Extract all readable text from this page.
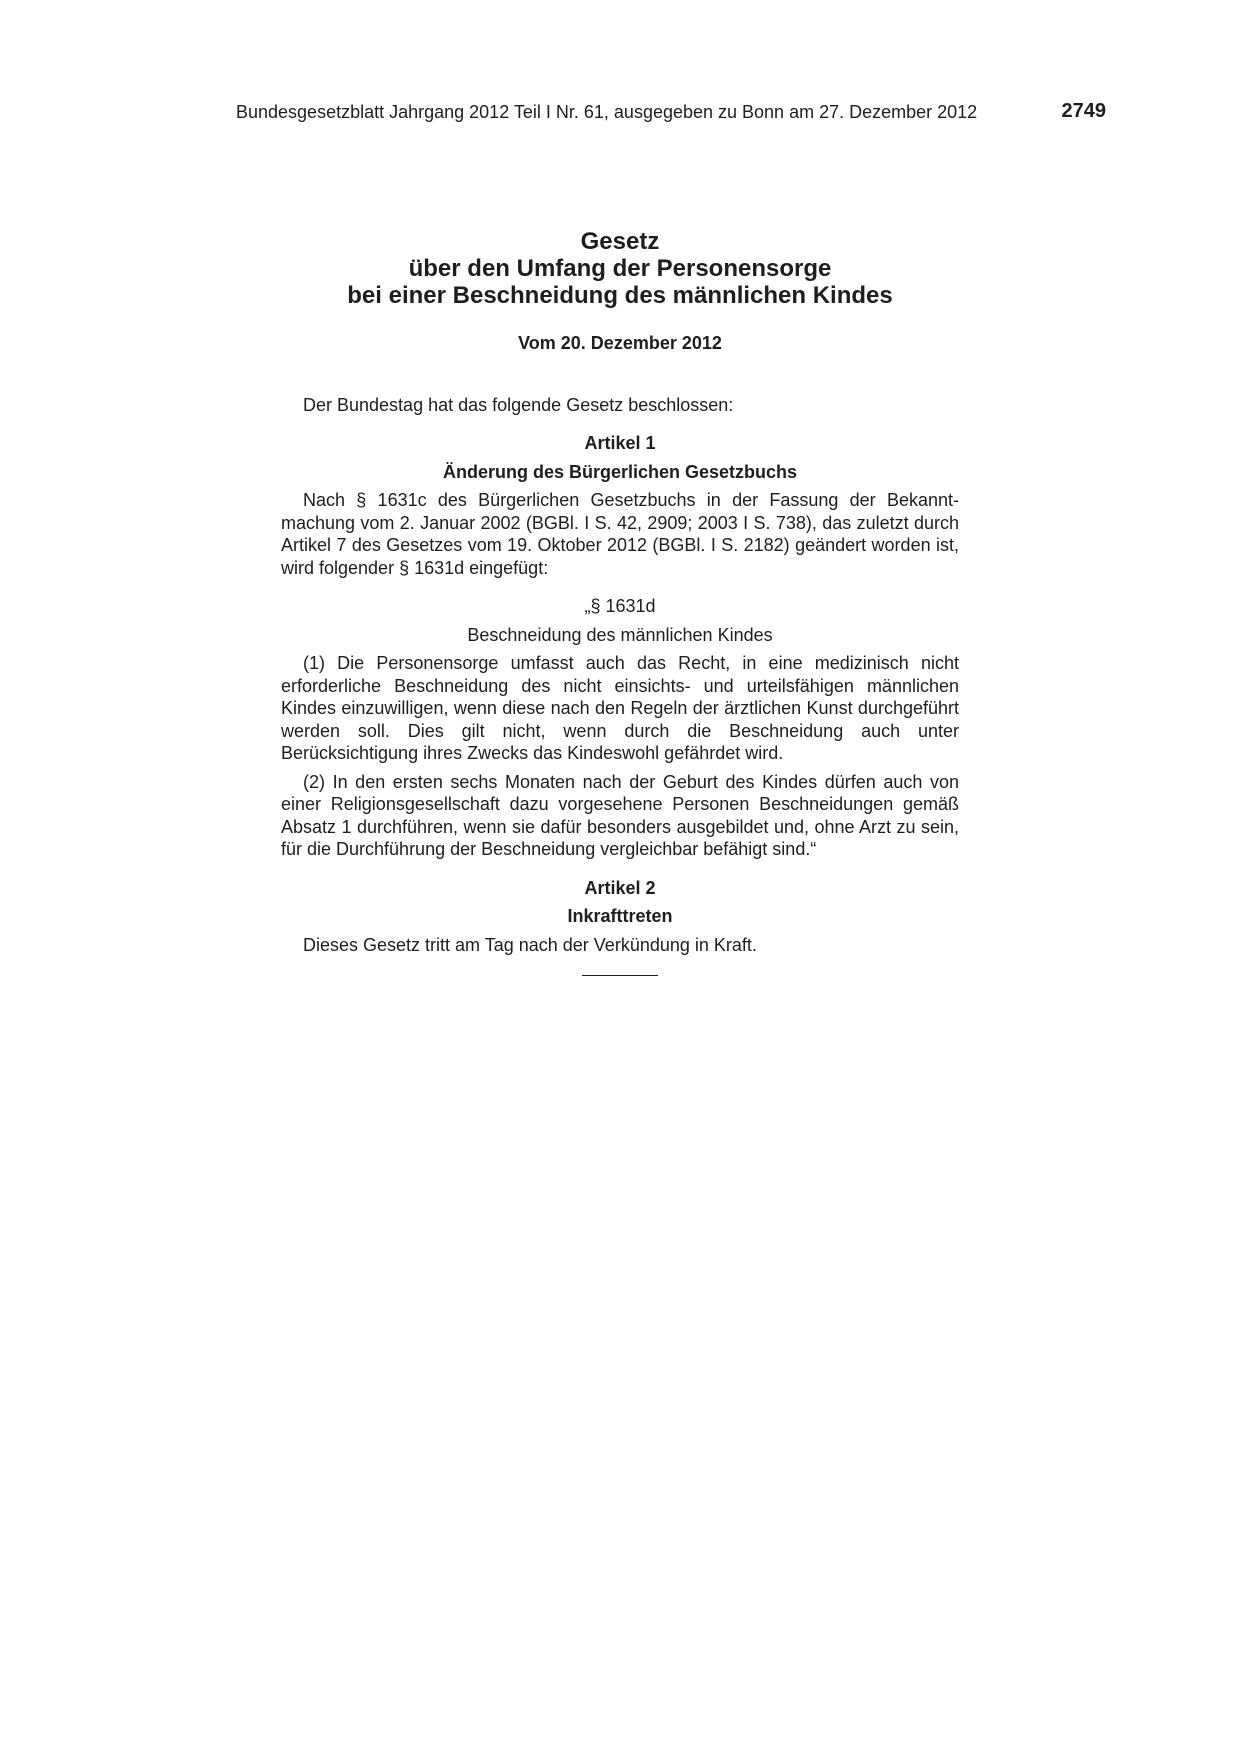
Bundesgesetzblatt Jahrgang 2012 Teil I Nr. 61, ausgegeben zu Bonn am 27. Dezember 2012	2749
Gesetz
über den Umfang der Personensorge
bei einer Beschneidung des männlichen Kindes
Vom 20. Dezember 2012
Der Bundestag hat das folgende Gesetz beschlossen:
Artikel 1
Änderung des Bürgerlichen Gesetzbuchs
Nach § 1631c des Bürgerlichen Gesetzbuchs in der Fassung der Bekanntmachung vom 2. Januar 2002 (BGBl. I S. 42, 2909; 2003 I S. 738), das zuletzt durch Artikel 7 des Gesetzes vom 19. Oktober 2012 (BGBl. I S. 2182) geändert worden ist, wird folgender § 1631d eingefügt:
„§ 1631d
Beschneidung des männlichen Kindes
(1) Die Personensorge umfasst auch das Recht, in eine medizinisch nicht erforderliche Beschneidung des nicht einsichts- und urteilsfähigen männlichen Kindes einzuwilligen, wenn diese nach den Regeln der ärztlichen Kunst durchgeführt werden soll. Dies gilt nicht, wenn durch die Beschneidung auch unter Berücksichtigung ihres Zwecks das Kindeswohl gefährdet wird.
(2) In den ersten sechs Monaten nach der Geburt des Kindes dürfen auch von einer Religionsgesellschaft dazu vorgesehene Personen Beschneidungen gemäß Absatz 1 durchführen, wenn sie dafür besonders ausgebildet und, ohne Arzt zu sein, für die Durchführung der Beschneidung vergleichbar befähigt sind.“
Artikel 2
Inkrafttreten
Dieses Gesetz tritt am Tag nach der Verkündung in Kraft.
